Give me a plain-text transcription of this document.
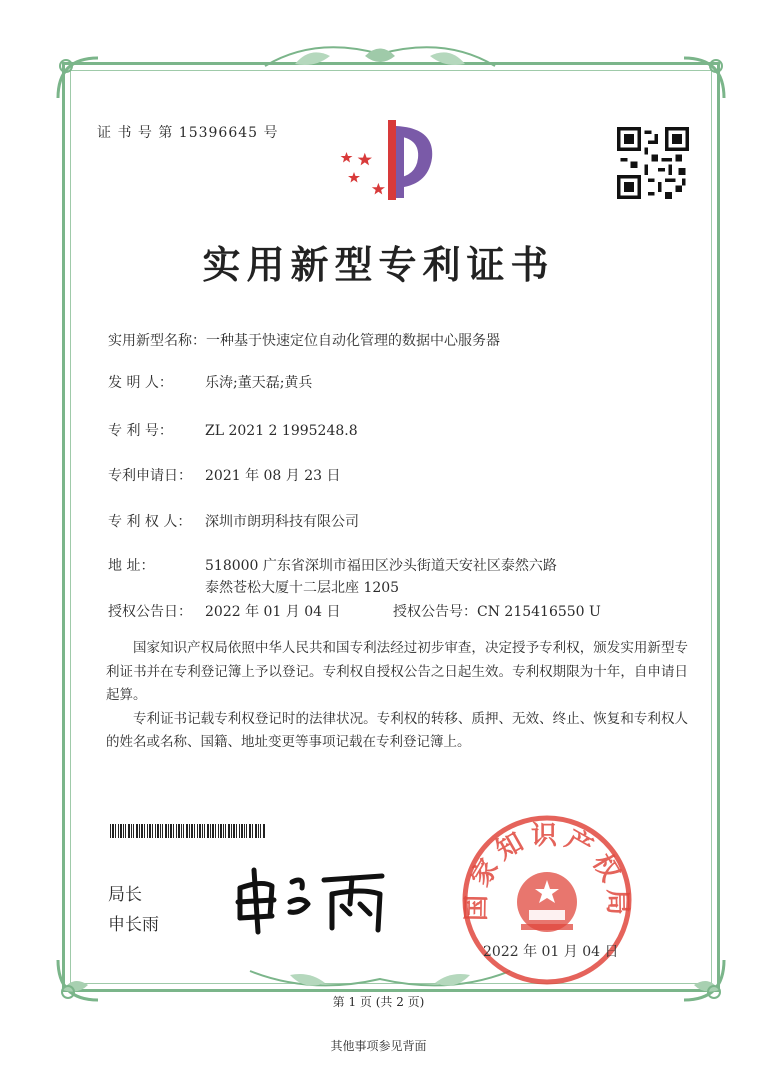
证 书 号 第 15396645 号
实用新型专利证书
实用新型名称：一种基于快速定位自动化管理的数据中心服务器
发 明 人： 乐涛;董天磊;黄兵
专 利 号： ZL 2021 2 1995248.8
专利申请日： 2021 年 08 月 23 日
专 利 权 人： 深圳市朗玥科技有限公司
地 址：	518000 广东省深圳市福田区沙头街道天安社区泰然六路
泰然苍松大厦十二层北座 1205
授权公告日： 2022 年 01 月 04 日	授权公告号：CN 215416550 U

国家知识产权局依照中华人民共和国专利法经过初步审查，决定授予专利权，颁发实用新型专利证书并在专利登记簿上予以登记。专利权自授权公告之日起生效。专利权期限为十年，自申请日起算。

专利证书记载专利权登记时的法律状况。专利权的转移、质押、无效、终止、恢复和专利权人的姓名或名称、国籍、地址变更等事项记载在专利登记簿上。

局长
申长雨
国家知识产权局
2022 年 01 月 04 日
第 1 页 (共 2 页)
其他事项参见背面
